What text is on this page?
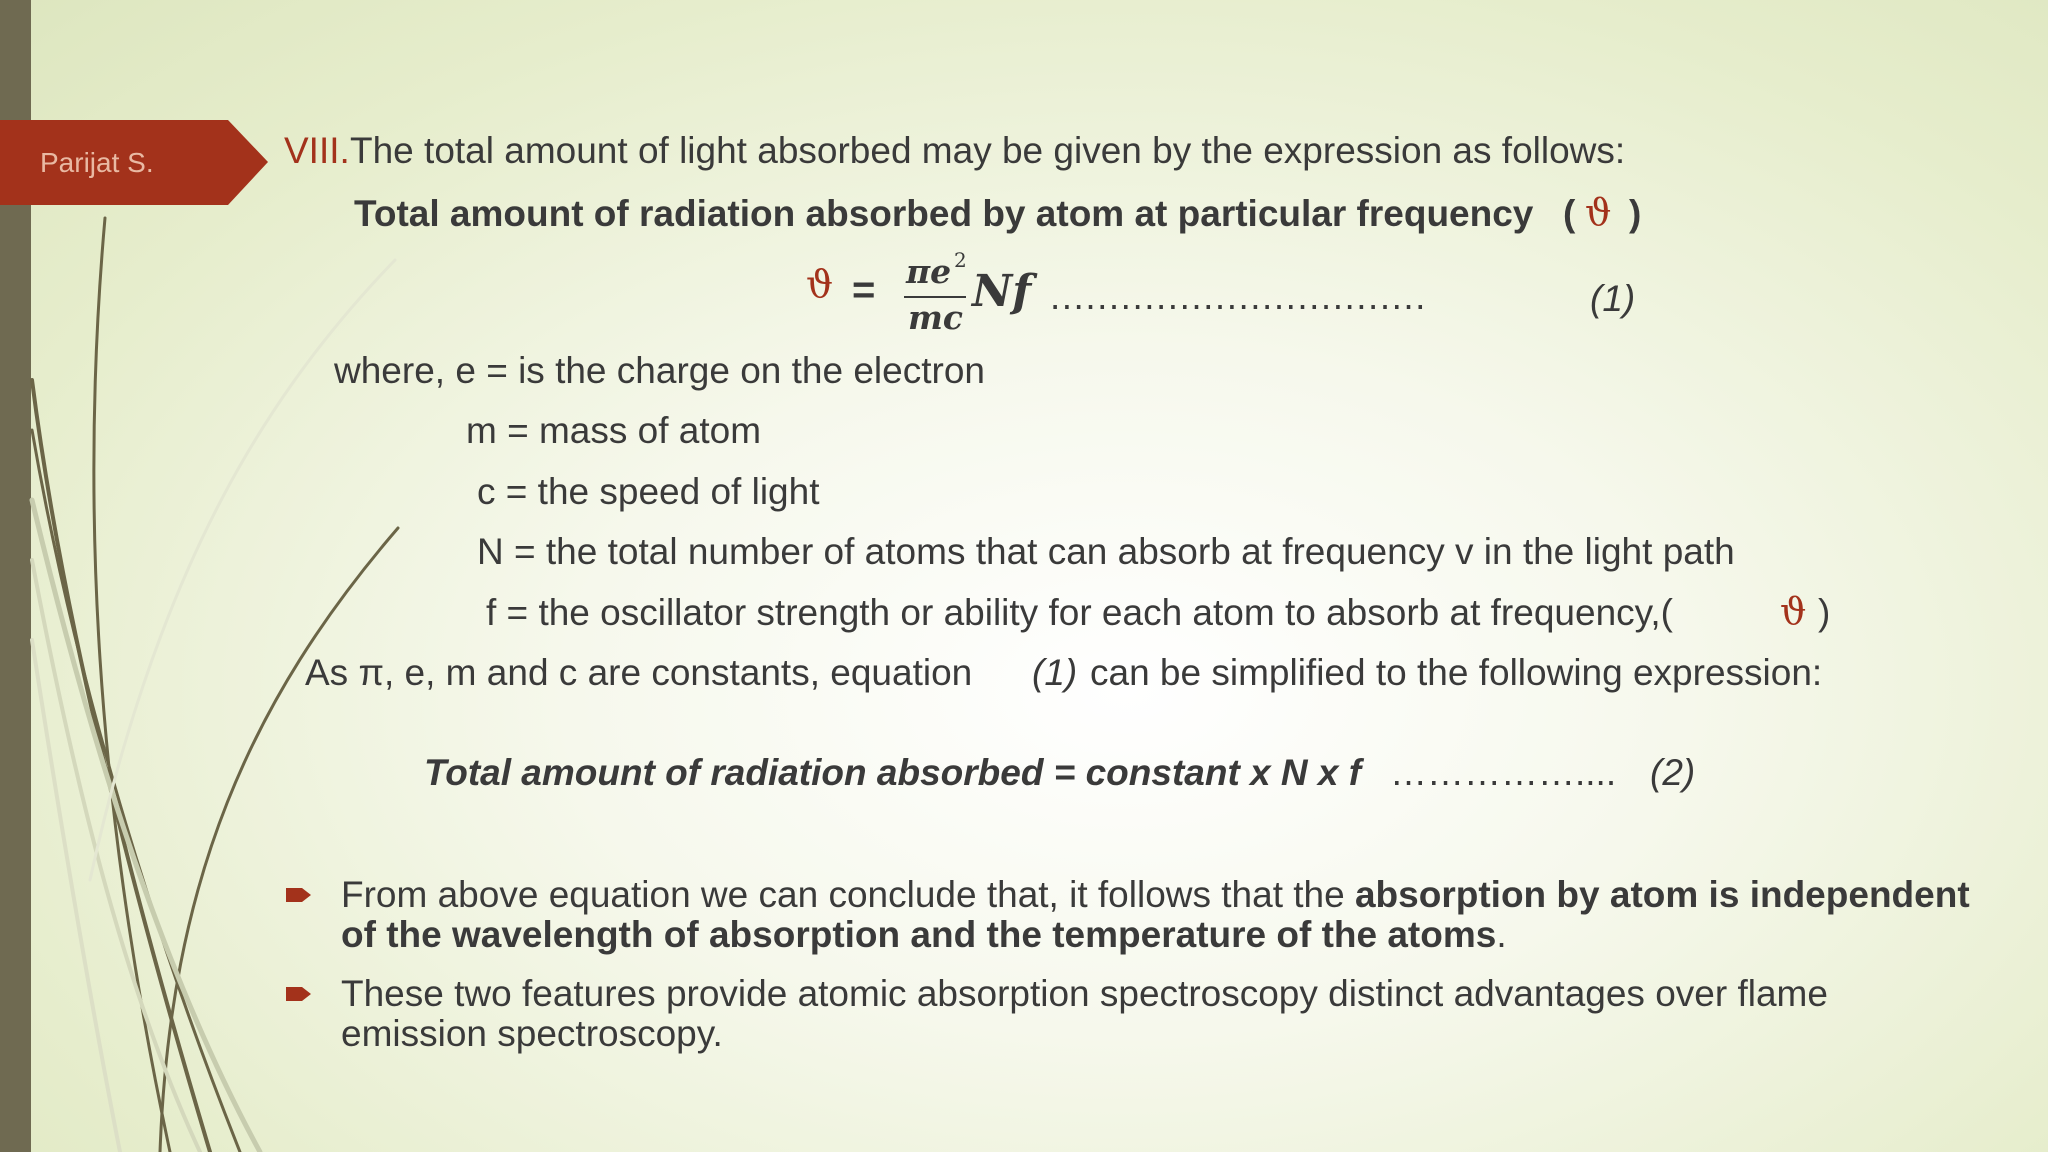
Parijat S.	VIII. The total amount of light absorbed may be given by the expression as follows:
Total amount of radiation absorbed by atom at particular frequency ( ϑ )
ϑ = πe 2
mc
Nf ................................	(1)
where, e = is the charge on the electron
m = mass of atom
c = the speed of light
N = the total number of atoms that can absorb at frequency v in the light path
f = the oscillator strength or ability for each atom to absorb at frequency,(	ϑ )
As π, e, m and c are constants, equation (1) can be simplified to the following expression:
Total amount of radiation absorbed = constant x N x f …………….... (2)
From above equation we can conclude that, it follows that the absorption by atom is independent of the wavelength of absorption and the temperature of the atoms.
These two features provide atomic absorption spectroscopy distinct advantages over flame emission spectroscopy.
